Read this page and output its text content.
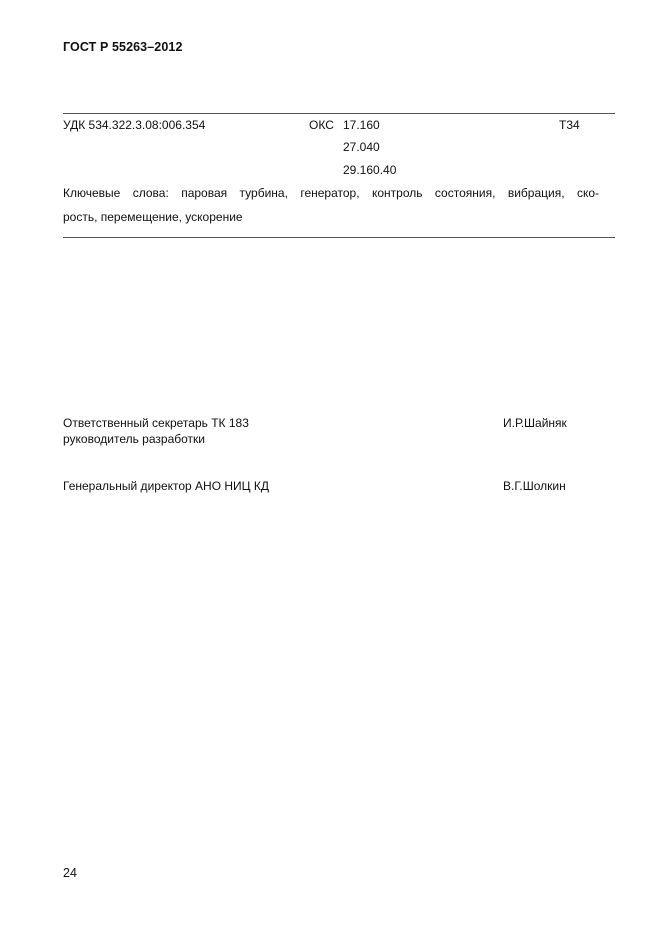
ГОСТ Р 55263–2012
УДК 534.322.3.08:006.354	ОКС 17.160
27.040
29.160.40
Т34
Ключевые слова: паровая турбина, генератор, контроль состояния, вибрация, ско-
рость, перемещение, ускорение
Ответственный секретарь ТК 183
руководитель разработки
И.Р.Шайняк
Генеральный директор АНО НИЦ КД	В.Г.Шолкин
24
